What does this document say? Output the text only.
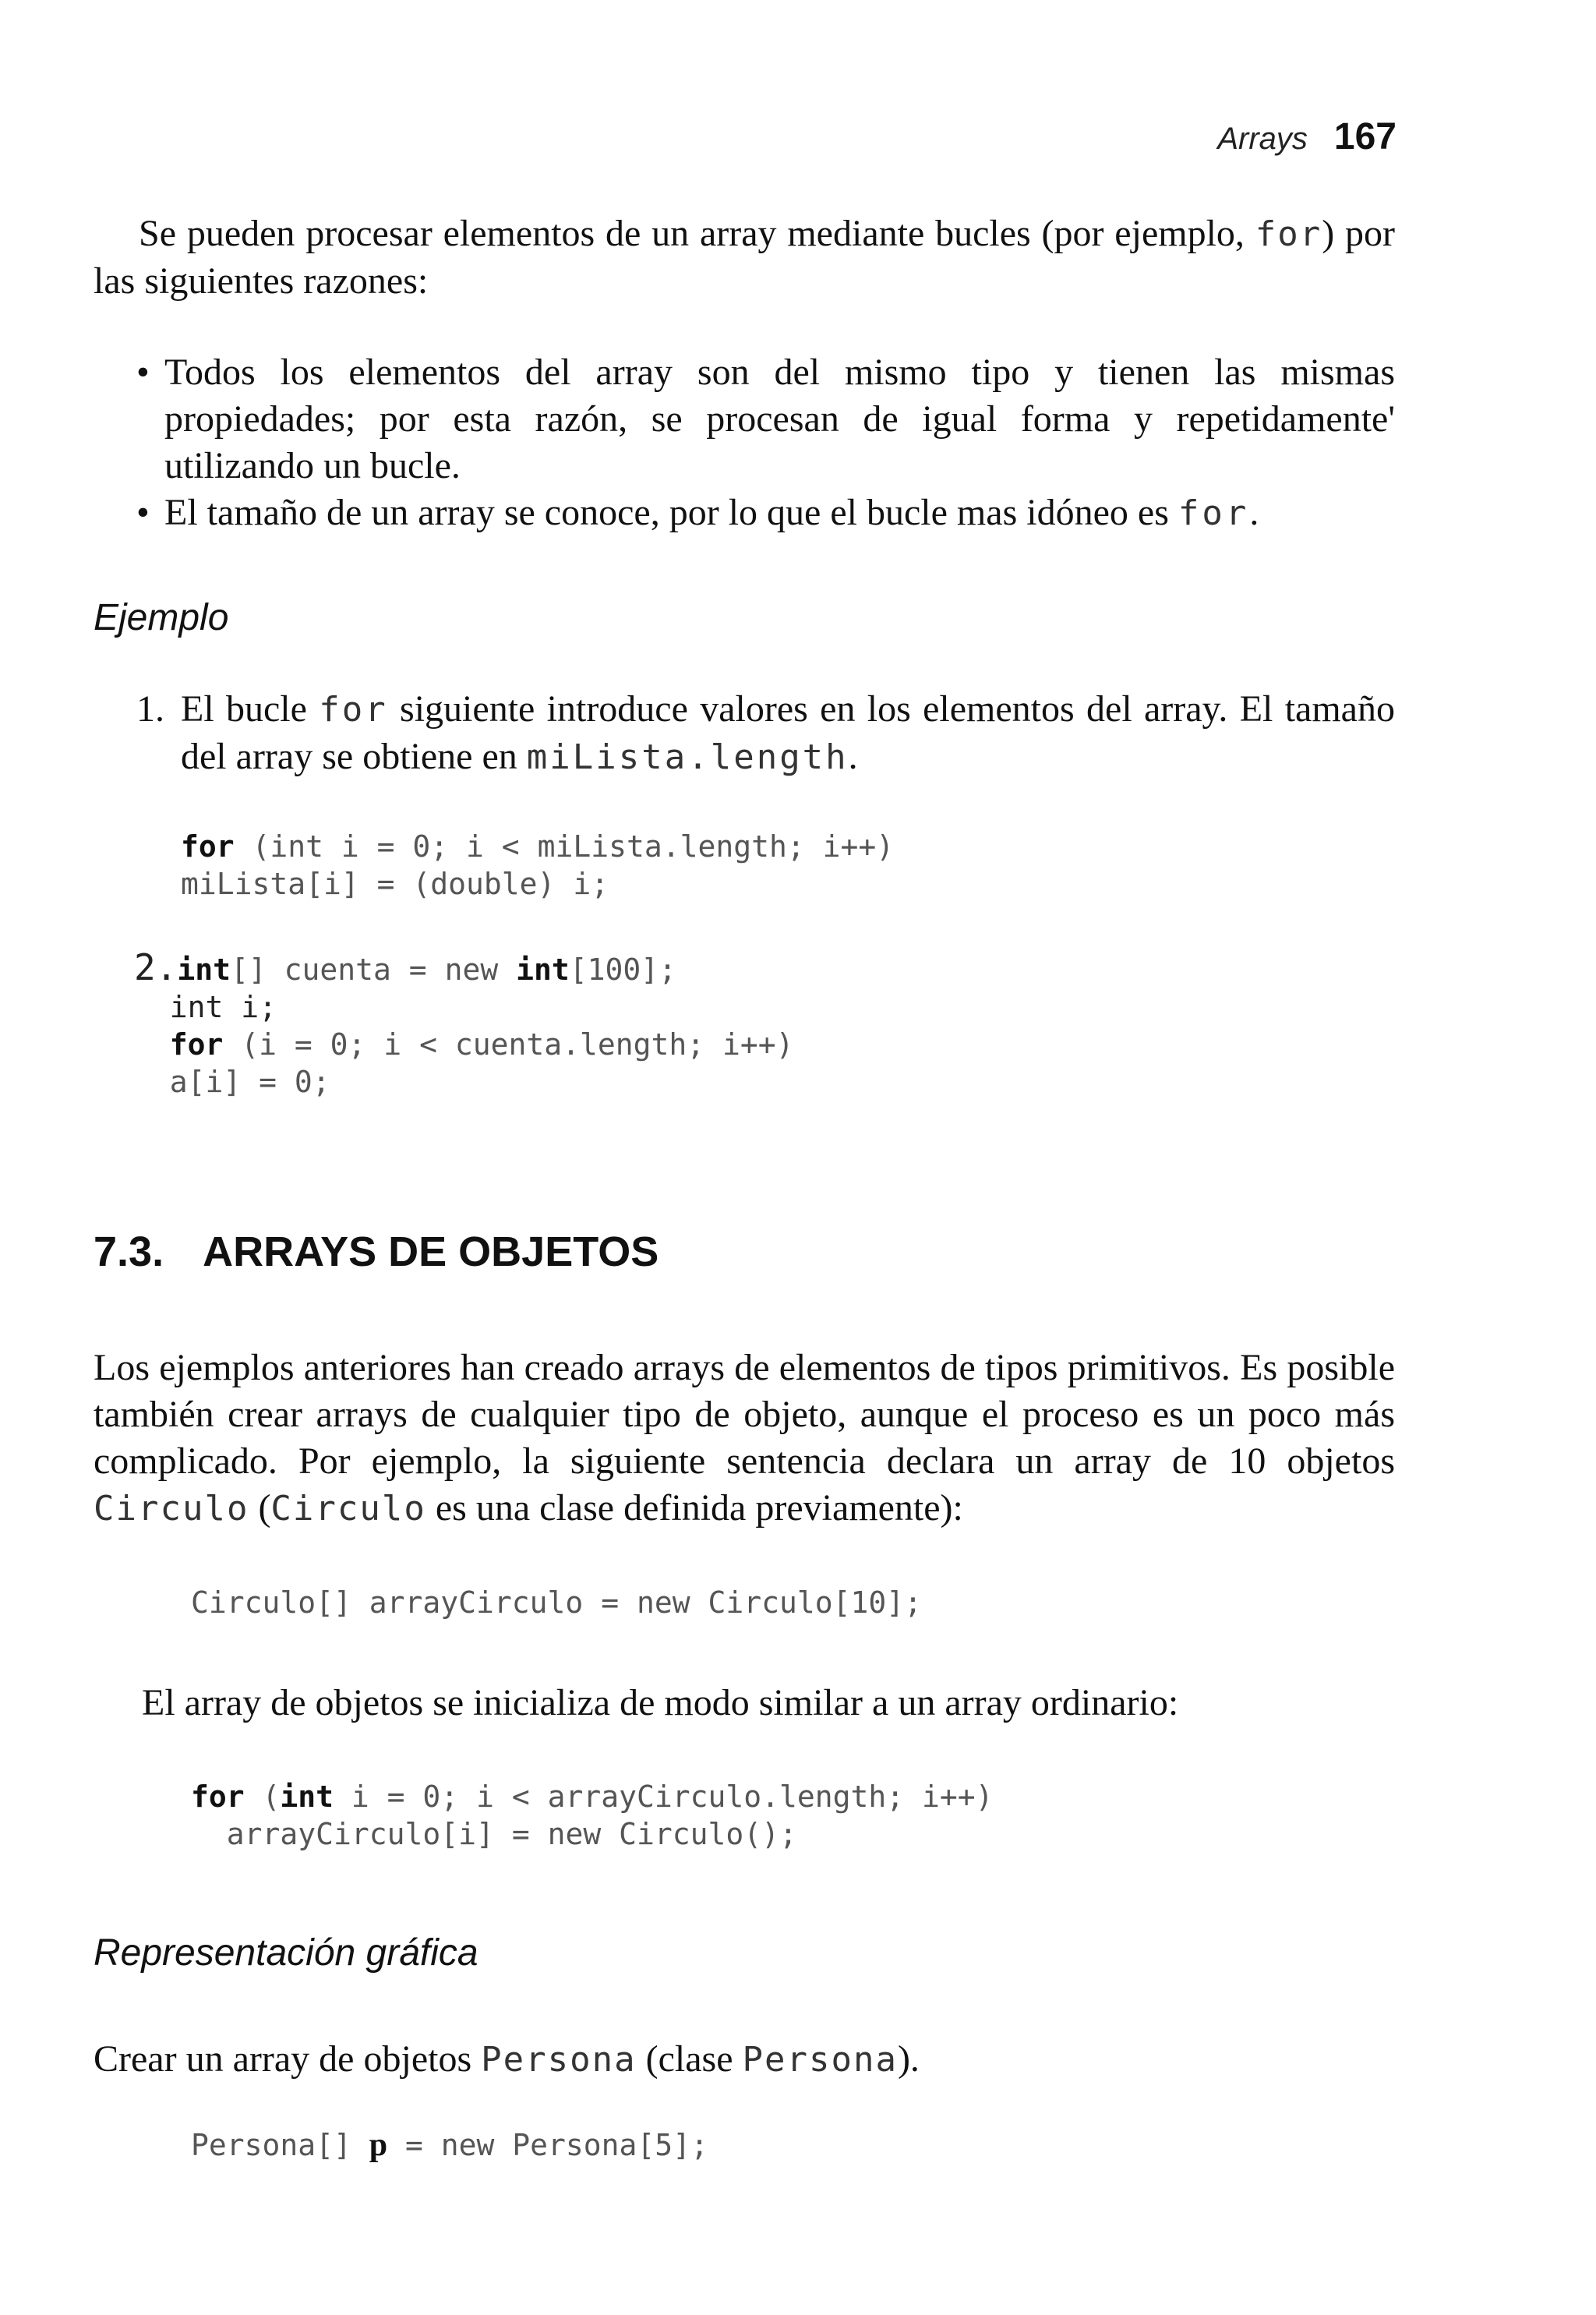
Arrays 167

Se pueden procesar elementos de un array mediante bucles (por ejemplo, for) por las siguientes razones:

• Todos los elementos del array son del mismo tipo y tienen las mismas propiedades; por esta razón, se procesan de igual forma y repetidamente' utilizando un bucle.
• El tamaño de un array se conoce, por lo que el bucle mas idóneo es for.
Ejemplo
1. El bucle for siguiente introduce valores en los elementos del array. El tamaño del array se obtiene en miLista.length.
for (int i = 0; i < miLista.length; i++)
miLista[i] = (double) i;
2.int[] cuenta = new int[100];
int i;
for (i = 0; i < cuenta.length; i++)
a[i] = 0;
7.3. ARRAYS DE OBJETOS

Los ejemplos anteriores han creado arrays de elementos de tipos primitivos. Es posible también crear arrays de cualquier tipo de objeto, aunque el proceso es un poco más complicado. Por ejemplo, la siguiente sentencia declara un array de 10 objetos Circulo (Circulo es una clase definida previamente):

Circulo[] arrayCirculo = new Circulo[10];

El array de objetos se inicializa de modo similar a un array ordinario:

for (int i = 0; i < arrayCirculo.length; i++)
arrayCirculo[i] = new Circulo();
Representación gráfica

Crear un array de objetos Persona (clase Persona).

Persona[] p = new Persona[5];
